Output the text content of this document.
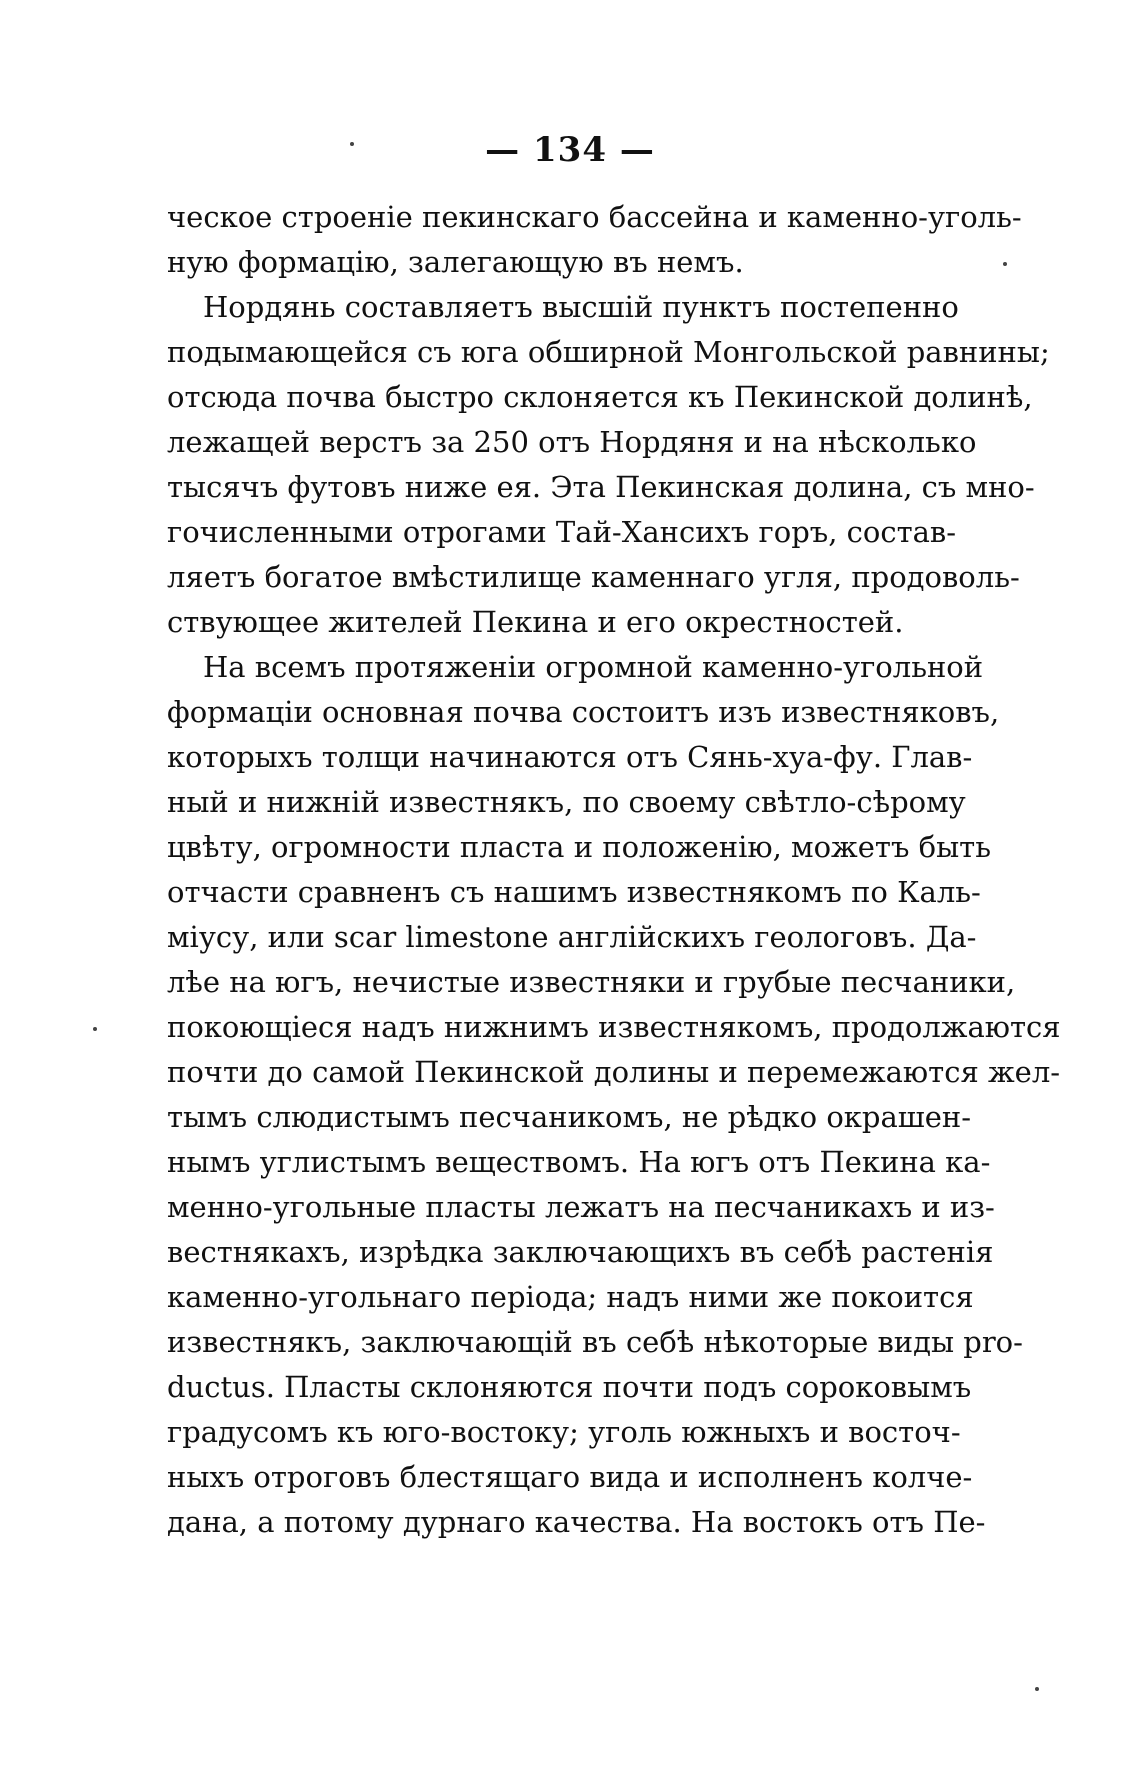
— 134 —
ческое строеніе пекинскаго бассейна и каменно-уголь-
ную формацію, залегающую въ немъ.
Нордянь составляетъ высшій пунктъ постепенно
подымающейся съ юга обширной Монгольской равнины;
отсюда почва быстро склоняется къ Пекинской долинѣ,
лежащей верстъ за 250 отъ Нордяня и на нѣсколько
тысячъ футовъ ниже ея. Эта Пекинская долина, съ мно-
гочисленными отрогами Тай-Хансихъ горъ, состав-
ляетъ богатое вмѣстилище каменнаго угля, продоволь-
ствующее жителей Пекина и его окрестностей.
На всемъ протяженіи огромной каменно-угольной
формаціи основная почва состоитъ изъ известняковъ,
которыхъ толщи начинаются отъ Сянь-хуа-фу. Глав-
ный и нижній известнякъ, по своему свѣтло-сѣрому
цвѣту, огромности пласта и положенію, можетъ быть
отчасти сравненъ съ нашимъ известнякомъ по Каль-
міусу, или scar limestone англійскихъ геологовъ. Да-
лѣе на югъ, нечистые известняки и грубые песчаники,
покоющіеся надъ нижнимъ известнякомъ, продолжаются
почти до самой Пекинской долины и перемежаются жел-
тымъ слюдистымъ песчаникомъ, не рѣдко окрашен-
нымъ углистымъ веществомъ. На югъ отъ Пекина ка-
менно-угольные пласты лежатъ на песчаникахъ и из-
вестнякахъ, изрѣдка заключающихъ въ себѣ растенія
каменно-угольнаго періода; надъ ними же покоится
известнякъ, заключающій въ себѣ нѣкоторые виды pro-
ductus. Пласты склоняются почти подъ сороковымъ
градусомъ къ юго-востоку; уголь южныхъ и восточ-
ныхъ отроговъ блестящаго вида и исполненъ колче-
дана, а потому дурнаго качества. На востокъ отъ Пе-
